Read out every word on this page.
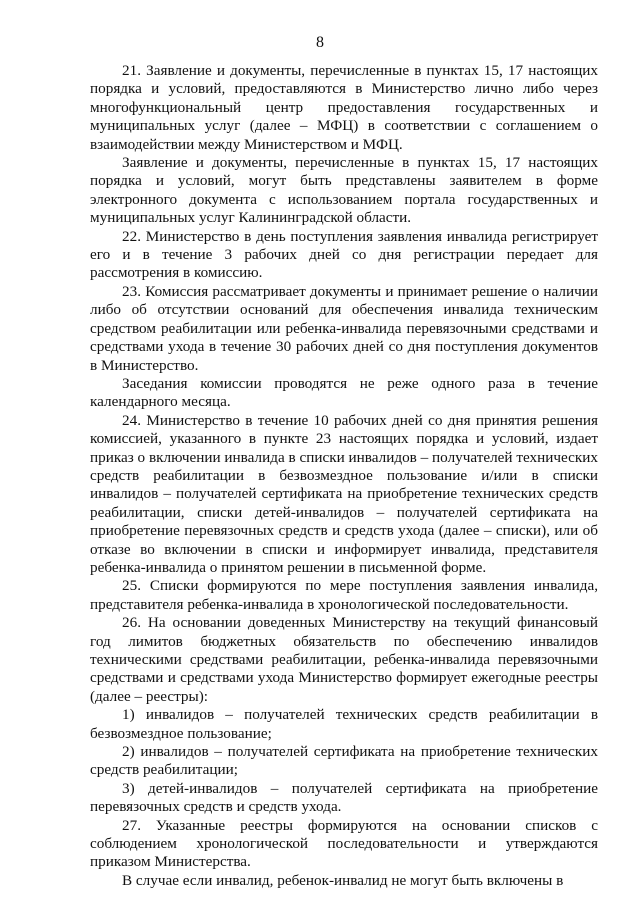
8

21. Заявление и документы, перечисленные в пунктах 15, 17 настоящих порядка и условий, предоставляются в Министерство лично либо через многофункциональный центр предоставления государственных и муниципальных услуг (далее – МФЦ) в соответствии с соглашением о взаимодействии между Министерством и МФЦ.

Заявление и документы, перечисленные в пунктах 15, 17 настоящих порядка и условий, могут быть представлены заявителем в форме электронного документа с использованием портала государственных и муниципальных услуг Калининградской области.

22. Министерство в день поступления заявления инвалида регистрирует его и в течение 3 рабочих дней со дня регистрации передает для рассмотрения в комиссию.

23. Комиссия рассматривает документы и принимает решение о наличии либо об отсутствии оснований для обеспечения инвалида техническим средством реабилитации или ребенка-инвалида перевязочными средствами и средствами ухода в течение 30 рабочих дней со дня поступления документов в Министерство.

Заседания комиссии проводятся не реже одного раза в течение календарного месяца.

24. Министерство в течение 10 рабочих дней со дня принятия решения комиссией, указанного в пункте 23 настоящих порядка и условий, издает приказ о включении инвалида в списки инвалидов – получателей технических средств реабилитации в безвозмездное пользование и/или в списки инвалидов – получателей сертификата на приобретение технических средств реабилитации, списки детей-инвалидов – получателей сертификата на приобретение перевязочных средств и средств ухода (далее – списки), или об отказе во включении в списки и информирует инвалида, представителя ребенка-инвалида о принятом решении в письменной форме.

25. Списки формируются по мере поступления заявления инвалида, представителя ребенка-инвалида в хронологической последовательности.

26. На основании доведенных Министерству на текущий финансовый год лимитов бюджетных обязательств по обеспечению инвалидов техническими средствами реабилитации, ребенка-инвалида перевязочными средствами и средствами ухода Министерство формирует ежегодные реестры (далее – реестры):

1) инвалидов – получателей технических средств реабилитации в безвозмездное пользование;

2) инвалидов – получателей сертификата на приобретение технических средств реабилитации;

3) детей-инвалидов – получателей сертификата на приобретение перевязочных средств и средств ухода.

27. Указанные реестры формируются на основании списков с соблюдением хронологической последовательности и утверждаются приказом Министерства.

В случае если инвалид, ребенок-инвалид не могут быть включены в
